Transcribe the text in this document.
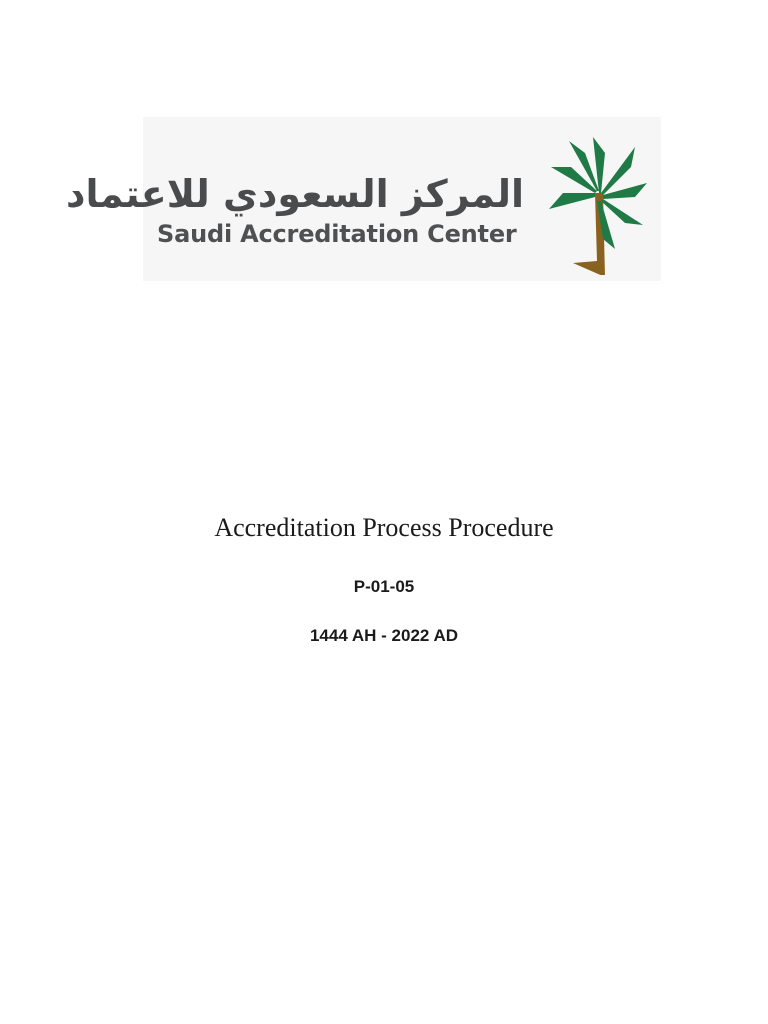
المركز السعودي للاعتماد
Saudi Accreditation Center
Accreditation Process Procedure
P-01-05
1444 AH - 2022 AD
